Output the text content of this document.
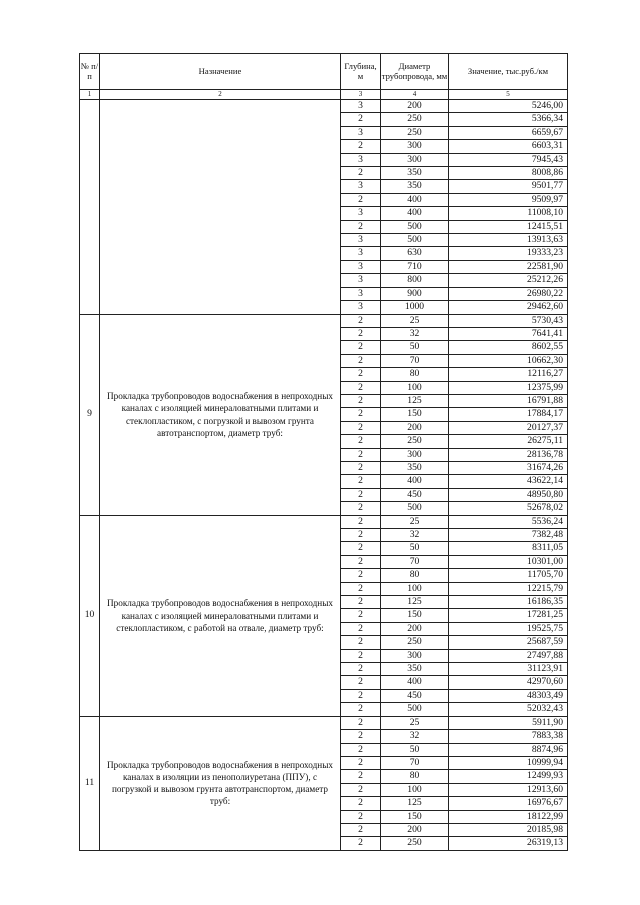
№ п/п	Назначение	Глубина, м	Диаметр трубопровода, мм	Значение, тыс.руб./км
1	2	3	4	5
		3	200	5246,00
		2	250	5366,34
		3	250	6659,67
		2	300	6603,31
		3	300	7945,43
		2	350	8008,86
		3	350	9501,77
		2	400	9509,97
		3	400	11008,10
		2	500	12415,51
		3	500	13913,63
		3	630	19333,23
		3	710	22581,90
		3	800	25212,26
		3	900	26980,22
		3	1000	29462,60
9	Прокладка трубопроводов водоснабжения в непроходных каналах с изоляцией минераловатными плитами и стеклопластиком, с погрузкой и вывозом грунта автотранспортом, диаметр труб:	2	25	5730,43
		2	32	7641,41
		2	50	8602,55
		2	70	10662,30
		2	80	12116,27
		2	100	12375,99
		2	125	16791,88
		2	150	17884,17
		2	200	20127,37
		2	250	26275,11
		2	300	28136,78
		2	350	31674,26
		2	400	43622,14
		2	450	48950,80
		2	500	52678,02
10	Прокладка трубопроводов водоснабжения в непроходных каналах с изоляцией минераловатными плитами и стеклопластиком, с работой на отвале, диаметр труб:	2	25	5536,24
		2	32	7382,48
		2	50	8311,05
		2	70	10301,00
		2	80	11705,70
		2	100	12215,79
		2	125	16186,35
		2	150	17281,25
		2	200	19525,75
		2	250	25687,59
		2	300	27497,88
		2	350	31123,91
		2	400	42970,60
		2	450	48303,49
		2	500	52032,43
11	Прокладка трубопроводов водоснабжения в непроходных каналах в изоляции из пенополиуретана (ППУ), с погрузкой и вывозом грунта автотранспортом, диаметр труб:	2	25	5911,90
		2	32	7883,38
		2	50	8874,96
		2	70	10999,94
		2	80	12499,93
		2	100	12913,60
		2	125	16976,67
		2	150	18122,99
		2	200	20185,98
		2	250	26319,13
